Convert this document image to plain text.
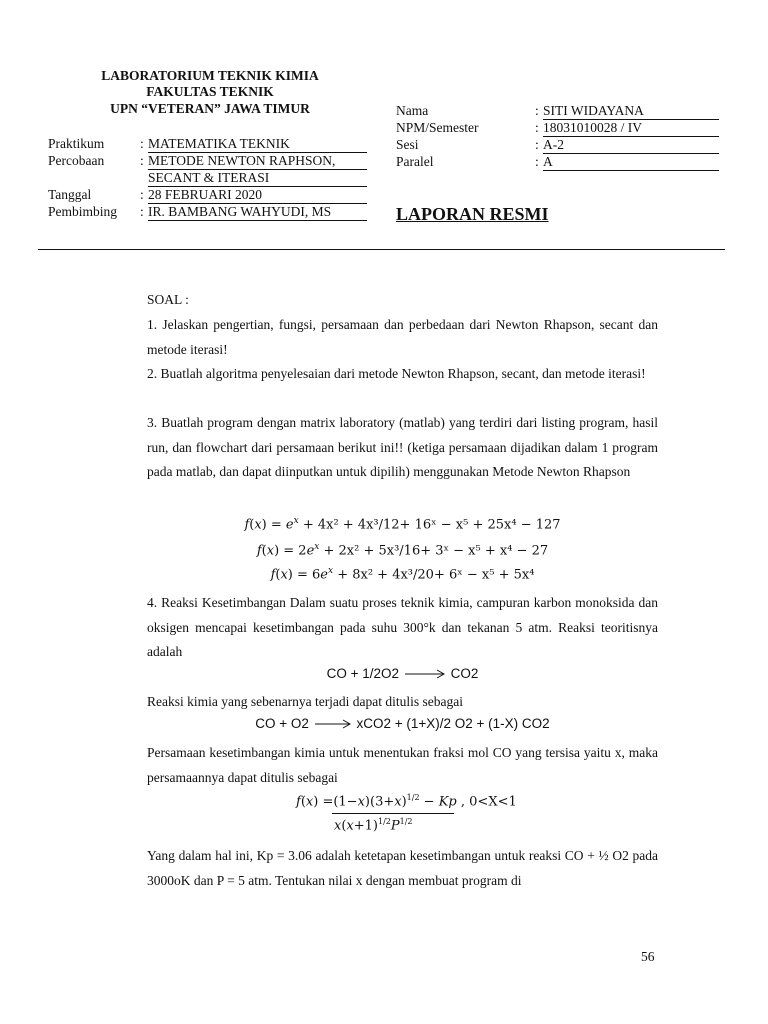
LABORATORIUM TEKNIK KIMIA
FAKULTAS TEKNIK
UPN “VETERAN” JAWA TIMUR
Praktikum	: MATEMATIKA TEKNIK
Percobaan	: METODE NEWTON RAPHSON,
SECANT & ITERASI
Tanggal	: 28 FEBRUARI 2020
Pembimbing : IR. BAMBANG WAHYUDI, MS
Nama	: SITI WIDAYANA
NPM/Semester	: 18031010028 / IV
Sesi	: A-2
Paralel	: A
LAPORAN RESMI
SOAL :
1. Jelaskan pengertian, fungsi, persamaan dan perbedaan dari Newton Rhapson, secant dan metode iterasi!
2. Buatlah algoritma penyelesaian dari metode Newton Rhapson, secant, dan metode iterasi!
3. Buatlah program dengan matrix laboratory (matlab) yang terdiri dari listing program, hasil run, dan flowchart dari persamaan berikut ini!! (ketiga persamaan dijadikan dalam 1 program pada matlab, dan dapat diinputkan untuk dipilih) menggunakan Metode Newton Rhapson
$f(x) = e^x + 4x^2 + 4x^3/12+$ 16ˣ − x⁵ + 25x⁴ − 127
$f(x) = 2e^x + 2x^2 + 5x^3/16+$ 3ˣ − x⁵ + x⁴ − 27
$f(x) = 6e^x + 8x^2 + 4x^3/20+$ 6ˣ − x⁵ + 5x⁴
4. Reaksi Kesetimbangan Dalam suatu proses teknik kimia, campuran karbon monoksida dan oksigen mencapai kesetimbangan pada suhu 300°k dan tekanan 5 atm. Reaksi teoritisnya adalah
CO + 1/2O2	CO2
Reaksi kimia yang sebenarnya terjadi dapat ditulis sebagai
CO + O2	xCO2 + (1+X)/2 O2 + (1-X) CO2
Persamaan kesetimbangan kimia untuk menentukan fraksi mol CO yang tersisa yaitu x, maka persamaannya dapat ditulis sebagai
$f(x) =(1-x)(3+x)^{1/2} - Kp$ , 0<X<1
$x(x+1)^{1/2}P^{1/2}$
Yang dalam hal ini, Kp = 3.06 adalah ketetapan kesetimbangan untuk reaksi CO + ½ O2 pada 3000oK dan P = 5 atm. Tentukan nilai x dengan membuat program di
56
